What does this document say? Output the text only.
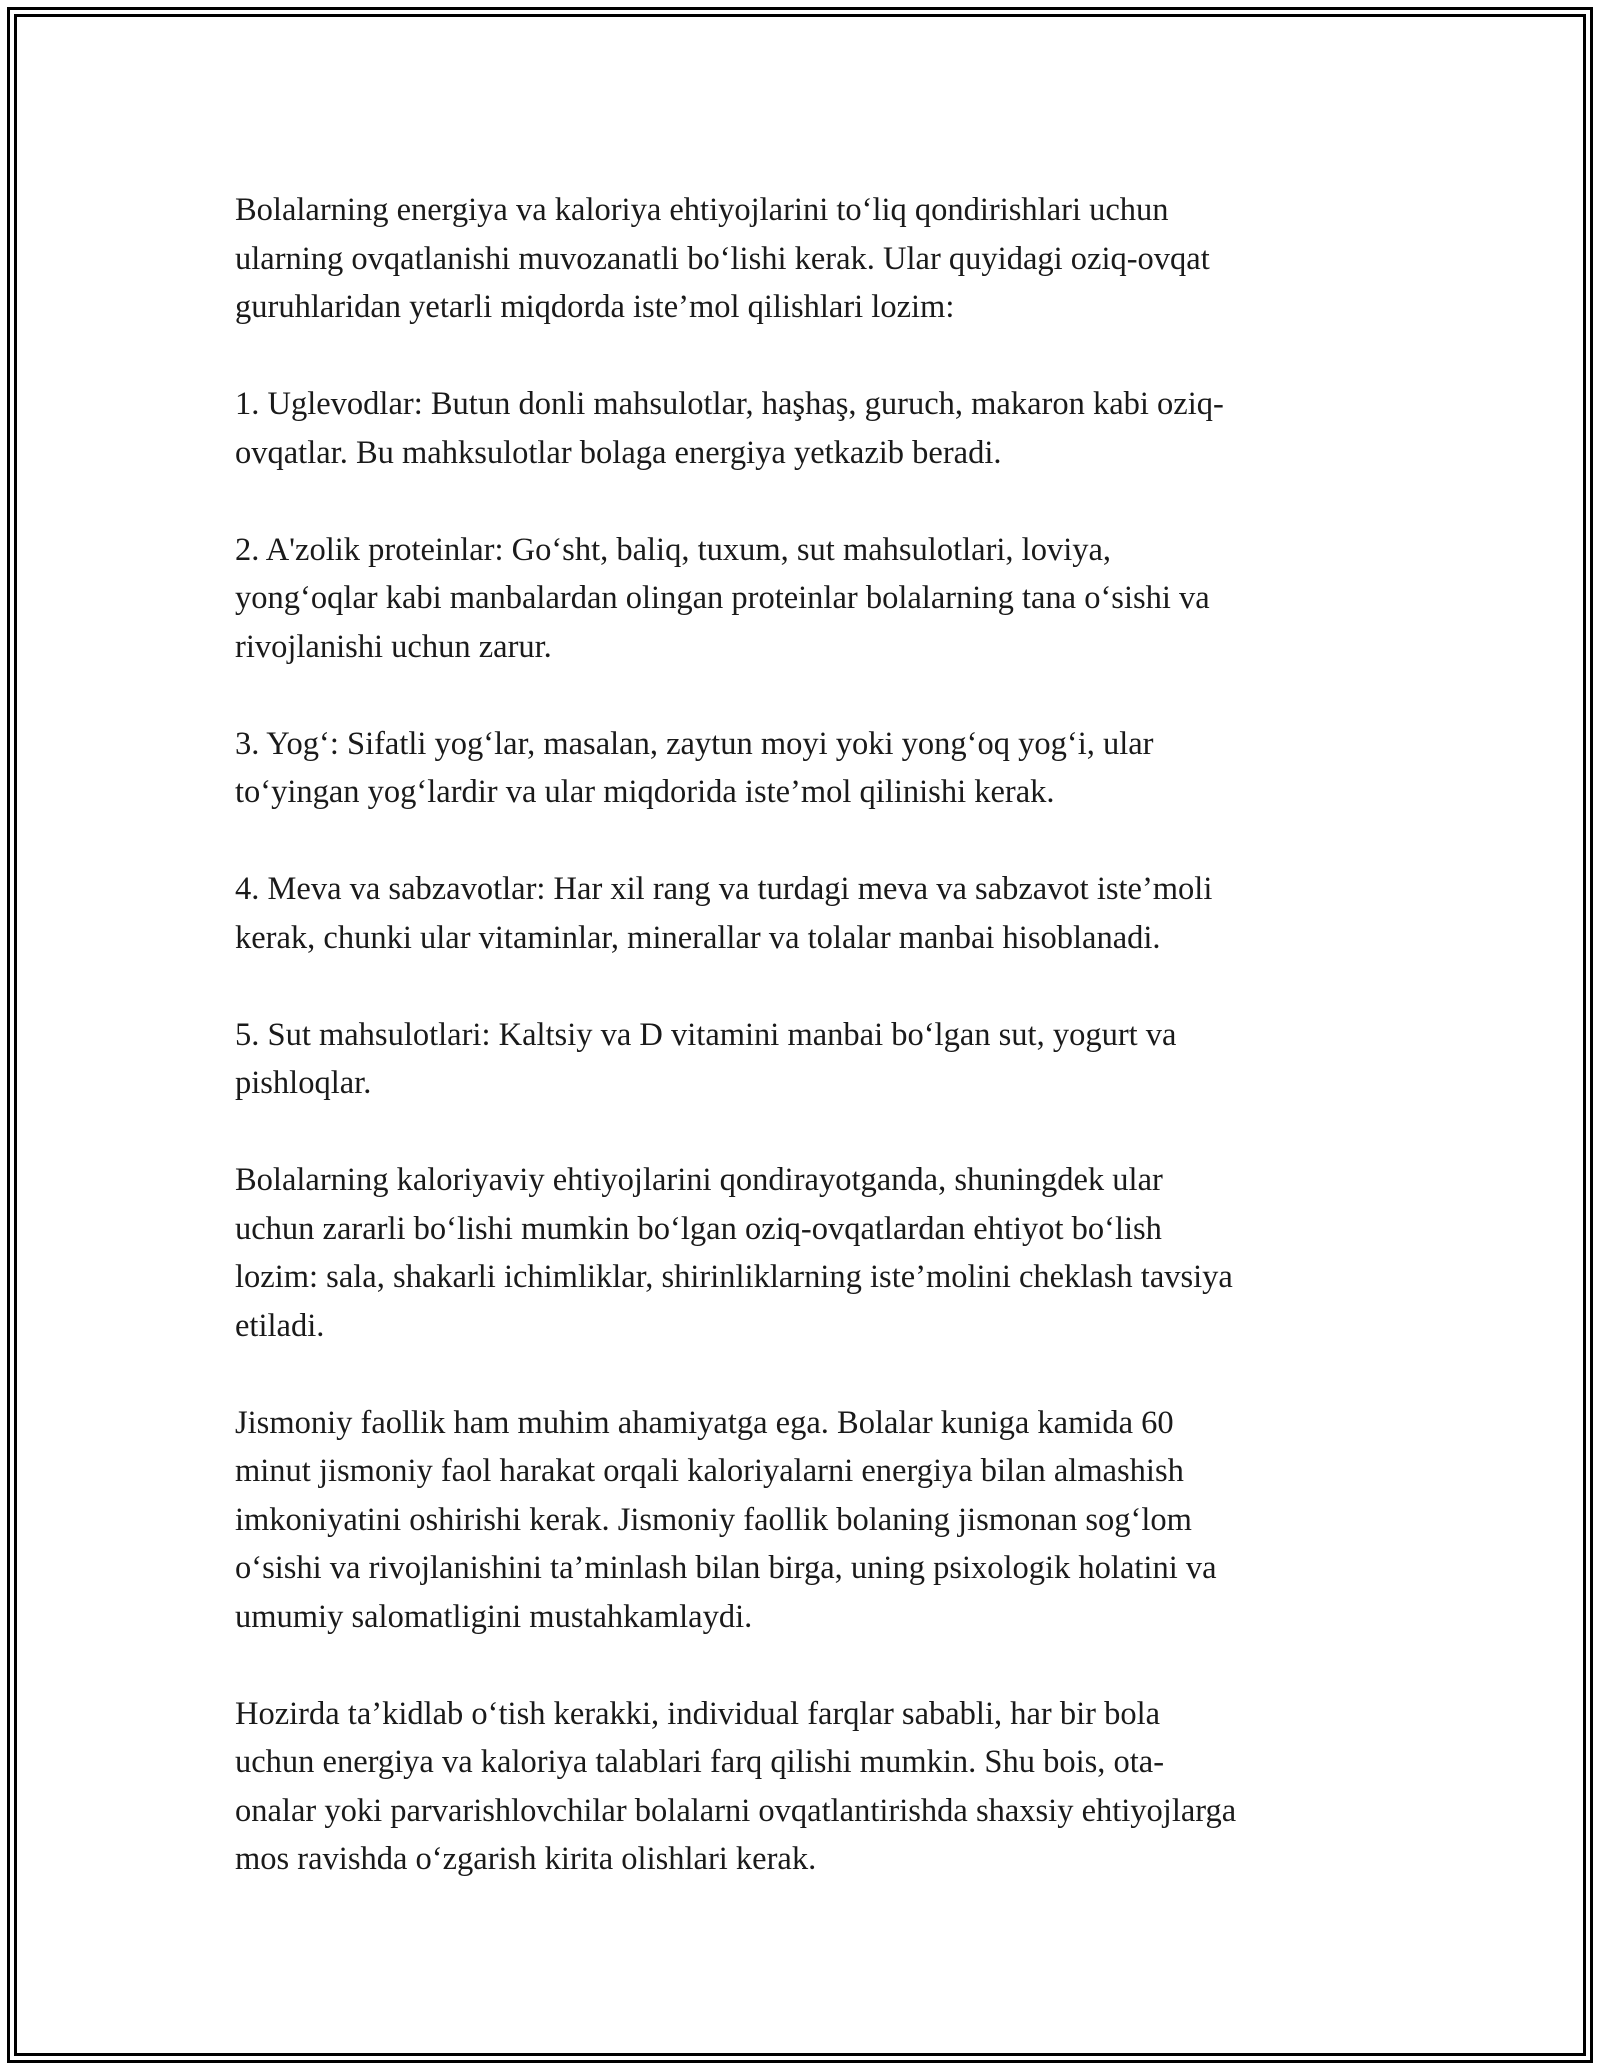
Bolalarning energiya va kaloriya ehtiyojlarini to‘liq qondirishlari uchun
ularning ovqatlanishi muvozanatli bo‘lishi kerak. Ular quyidagi oziq-ovqat
guruhlaridan yetarli miqdorda iste’mol qilishlari lozim:

1. Uglevodlar: Butun donli mahsulotlar, haşhaş, guruch, makaron kabi oziq-
ovqatlar. Bu mahksulotlar bolaga energiya yetkazib beradi.

2. A'zolik proteinlar: Go‘sht, baliq, tuxum, sut mahsulotlari, loviya,
yong‘oqlar kabi manbalardan olingan proteinlar bolalarning tana o‘sishi va
rivojlanishi uchun zarur.

3. Yog‘: Sifatli yog‘lar, masalan, zaytun moyi yoki yong‘oq yog‘i, ular
to‘yingan yog‘lardir va ular miqdorida iste’mol qilinishi kerak.

4. Meva va sabzavotlar: Har xil rang va turdagi meva va sabzavot iste’moli
kerak, chunki ular vitaminlar, minerallar va tolalar manbai hisoblanadi.

5. Sut mahsulotlari: Kaltsiy va D vitamini manbai bo‘lgan sut, yogurt va
pishloqlar.

Bolalarning kaloriyaviy ehtiyojlarini qondirayotganda, shuningdek ular
uchun zararli bo‘lishi mumkin bo‘lgan oziq-ovqatlardan ehtiyot bo‘lish
lozim: sala, shakarli ichimliklar, shirinliklarning iste’molini cheklash tavsiya
etiladi.

Jismoniy faollik ham muhim ahamiyatga ega. Bolalar kuniga kamida 60
minut jismoniy faol harakat orqali kaloriyalarni energiya bilan almashish
imkoniyatini oshirishi kerak. Jismoniy faollik bolaning jismonan sog‘lom
o‘sishi va rivojlanishini ta’minlash bilan birga, uning psixologik holatini va
umumiy salomatligini mustahkamlaydi.

Hozirda ta’kidlab o‘tish kerakki, individual farqlar sababli, har bir bola
uchun energiya va kaloriya talablari farq qilishi mumkin. Shu bois, ota-
onalar yoki parvarishlovchilar bolalarni ovqatlantirishda shaxsiy ehtiyojlarga
mos ravishda o‘zgarish kirita olishlari kerak.
